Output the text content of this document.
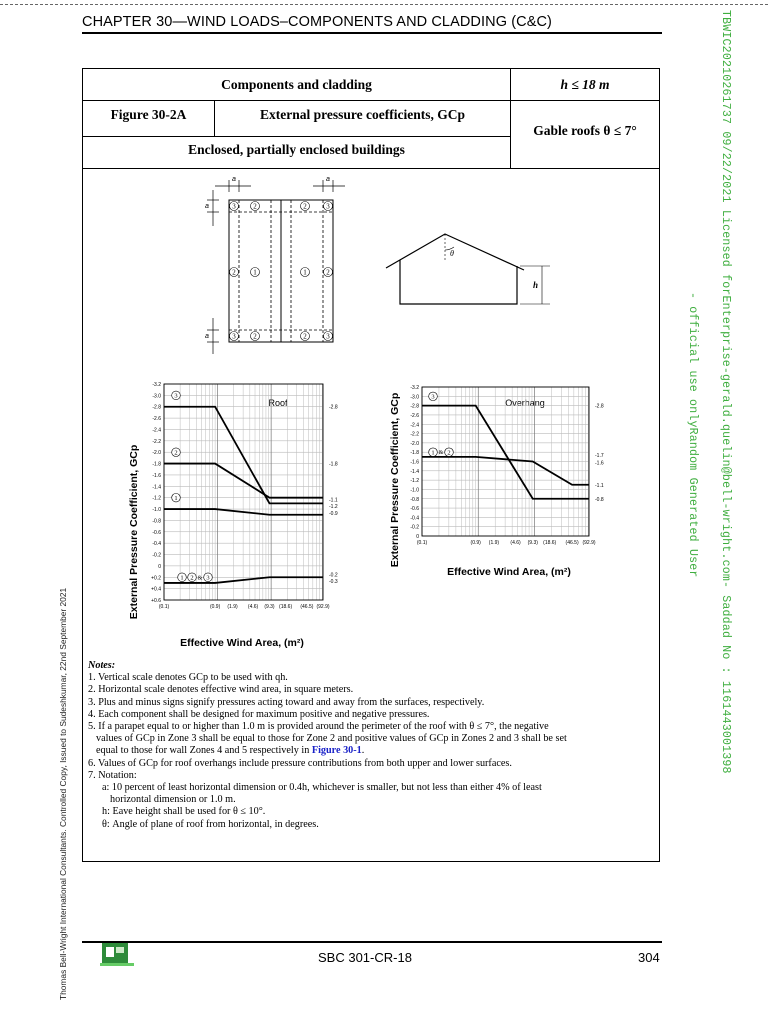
CHAPTER 30—WIND LOADS–COMPONENTS AND CLADDING (C&C)
Components and cladding	h ≤ 18 m
Figure 30-2A	External pressure coefficients, GCp
Gable roofs θ ≤ 7°
Enclosed, partially enclosed buildings
a	a
a
a
3	2	2	3
2	1	1	2
3	2	2	3
θ
h
External Pressure Coefficient, GCp
Effective Wind Area, (m²)
Roof
-3.2
-3.0
-2.8
-2.6
-2.4
-2.2
-2.0
-1.8
-1.6
-1.4
-1.2
-1.0
-0.8
-0.6
-0.4
-0.2
0
+0.2
+0.4
+0.6
(0.1)	(0.9) (1.9) (4.6) (9.3) (18.6) (46.5) (92.9)
-2.8
-1.8
-1.1
-1.2
-0.9
-0.2
-0.3
3
2
1
1 2 & 3
External Pressure Coefficient, GCp
Effective Wind Area, (m²)
Overhang
-3.2
-3.0
-2.8
-2.6
-2.4
-2.2
-2.0
-1.8
-1.6
-1.4
-1.2
-1.0
-0.8
-0.6
-0.4
-0.2
0
(0.1)	(0.9) (1.9) (4.6) (9.3) (18.6) (46.5) (92.9)
-2.8
-1.7
-1.6
-1.1
-0.8
3
1 & 2
Notes:
1. Vertical scale denotes GCp to be used with qh.
2. Horizontal scale denotes effective wind area, in square meters.
3. Plus and minus signs signify pressures acting toward and away from the surfaces, respectively.
4. Each component shall be designed for maximum positive and negative pressures.
5. If a parapet equal to or higher than 1.0 m is provided around the perimeter of the roof with θ ≤ 7°, the negative
values of GCp in Zone 3 shall be equal to those for Zone 2 and positive values of GCp in Zones 2 and 3 shall be set
equal to those for wall Zones 4 and 5 respectively in Figure 30-1.
6. Values of GCp for roof overhangs include pressure contributions from both upper and lower surfaces.
7. Notation:
a: 10 percent of least horizontal dimension or 0.4h, whichever is smaller, but not less than either 4% of least
horizontal dimension or 1.0 m.
h: Eave height shall be used for θ ≤ 10°.
θ: Angle of plane of roof from horizontal, in degrees.
TBWIC20210261737 09/22/2021 Licensed forEnterprise-gerald.quelin@bell-wright.com- Saddad No : 1161443001398
- official use onlyRandom Generated User
Thomas Bell-Wright International Consultants. Controlled Copy, Issued to Sudeshkumar, 22nd September 2021	SBC 301-CR-18	304
